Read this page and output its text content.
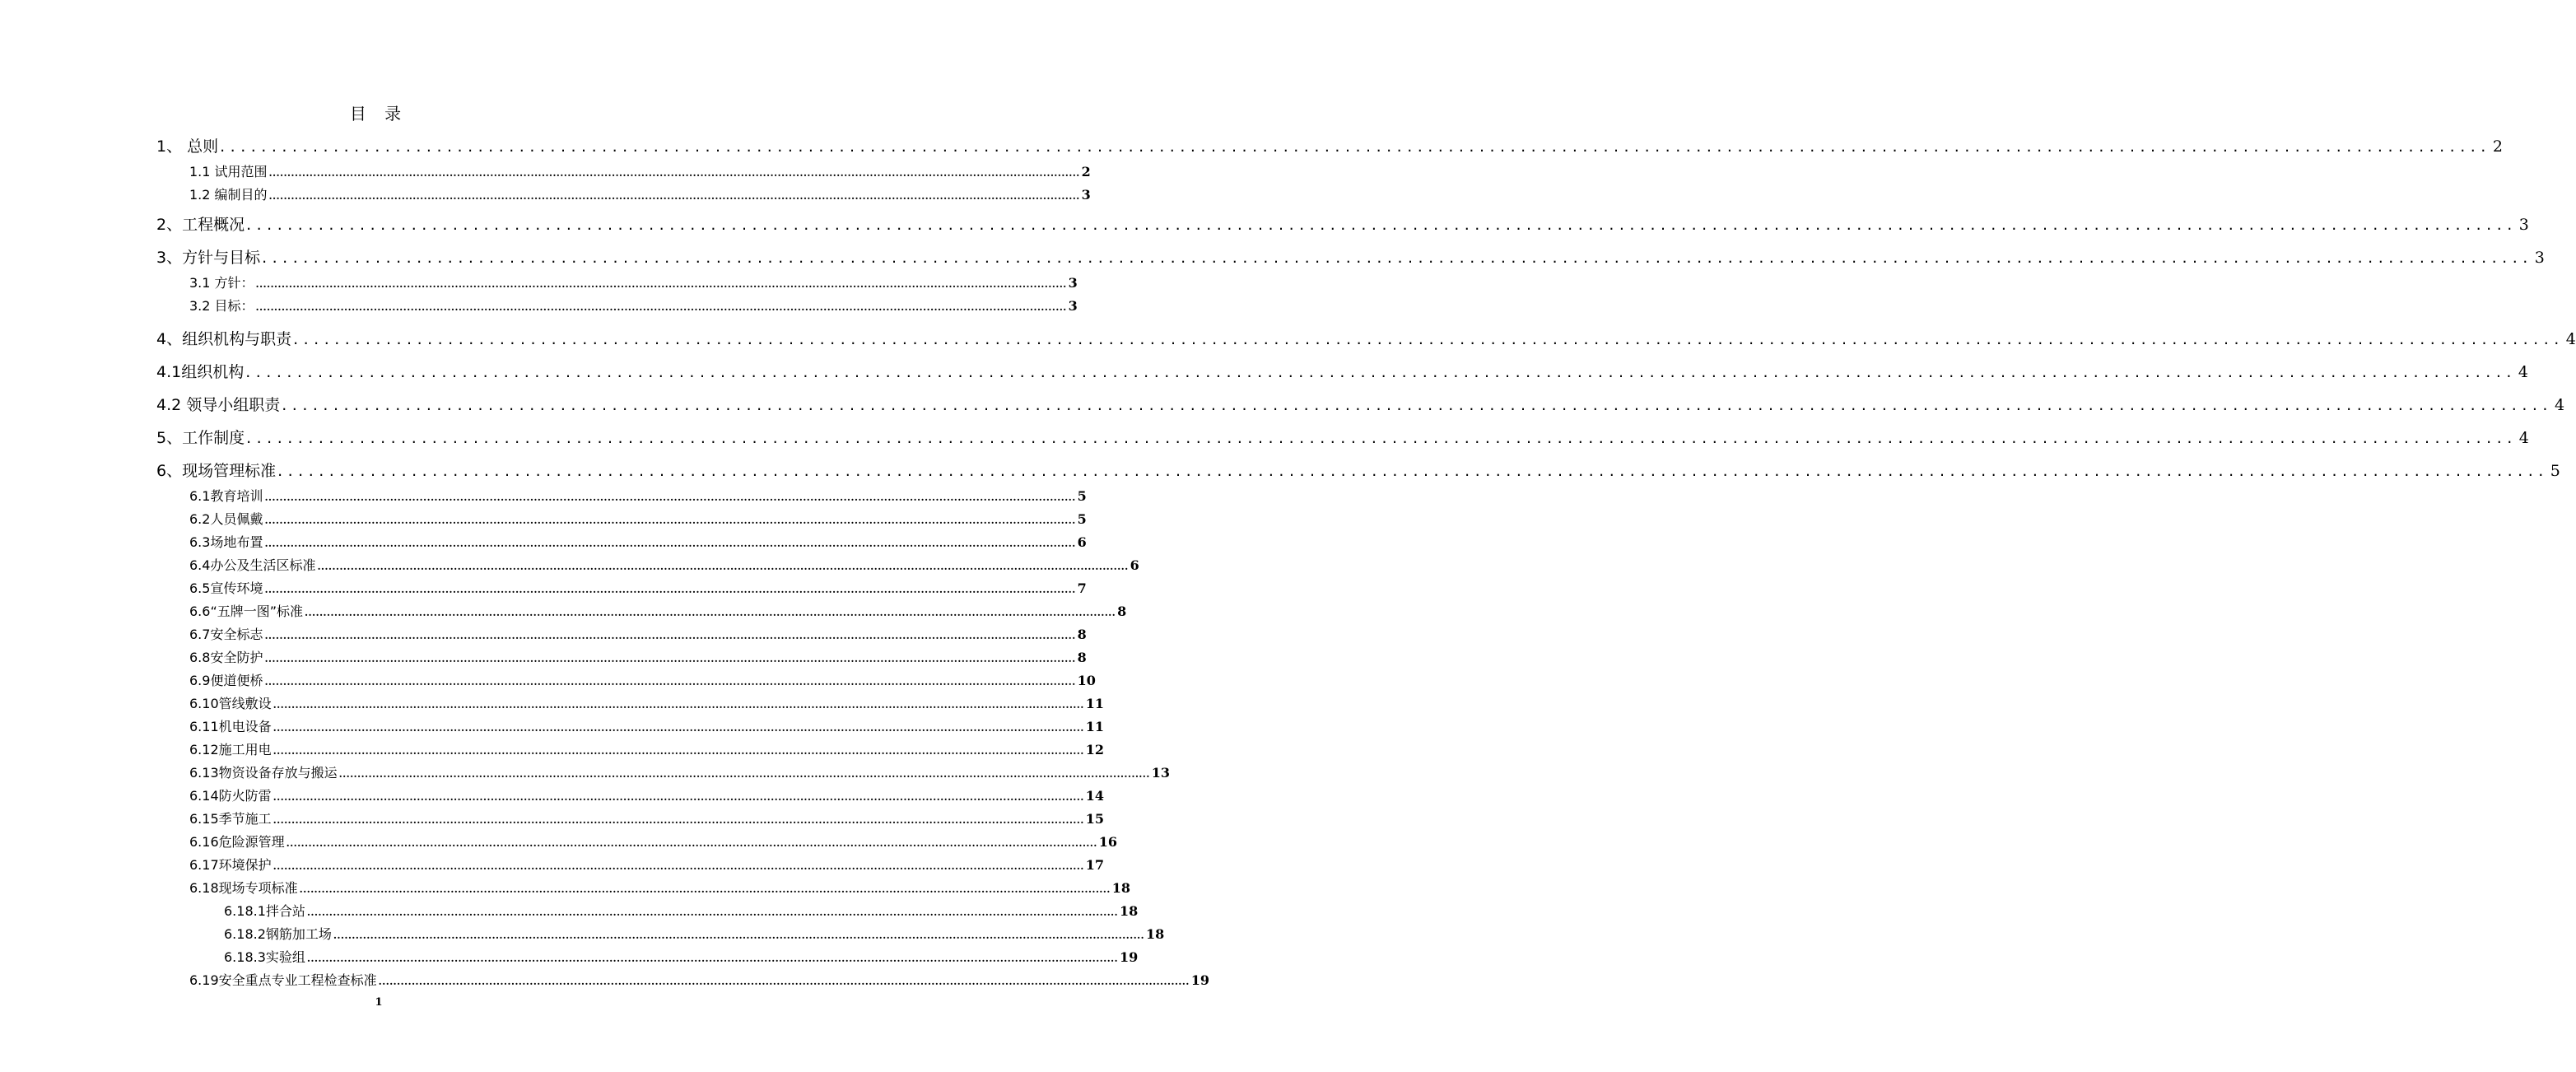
目 录
1、 总则 ............................................................................................................................................................................................................................ 2
1.1 试用范围 ............................................................................................................................................................................................................................ 2
1.2 编制目的 ............................................................................................................................................................................................................................ 3
2、工程概况 ............................................................................................................................................................................................................................ 3
3、方针与目标 ............................................................................................................................................................................................................................ 3
3.1 方针： ............................................................................................................................................................................................................................ 3
3.2 目标： ............................................................................................................................................................................................................................ 3
4、组织机构与职责 ............................................................................................................................................................................................................................ 4
4.1组织机构 ............................................................................................................................................................................................................................ 4
4.2 领导小组职责 ............................................................................................................................................................................................................................ 4
5、工作制度 ............................................................................................................................................................................................................................ 4
6、现场管理标准 ............................................................................................................................................................................................................................ 5
6.1教育培训 ............................................................................................................................................................................................................................ 5
6.2人员佩戴 ............................................................................................................................................................................................................................ 5
6.3场地布置 ............................................................................................................................................................................................................................ 6
6.4办公及生活区标准 ............................................................................................................................................................................................................................ 6
6.5宣传环境 ............................................................................................................................................................................................................................ 7
6.6“五牌一图”标准 ............................................................................................................................................................................................................................ 8
6.7安全标志 ............................................................................................................................................................................................................................ 8
6.8安全防护 ............................................................................................................................................................................................................................ 8
6.9便道便桥 ............................................................................................................................................................................................................................ 10
6.10管线敷设 ............................................................................................................................................................................................................................ 11
6.11机电设备 ............................................................................................................................................................................................................................ 11
6.12施工用电 ............................................................................................................................................................................................................................ 12
6.13物资设备存放与搬运 ............................................................................................................................................................................................................................ 13
6.14防火防雷 ............................................................................................................................................................................................................................ 14
6.15季节施工 ............................................................................................................................................................................................................................ 15
6.16危险源管理 ............................................................................................................................................................................................................................ 16
6.17环境保护 ............................................................................................................................................................................................................................ 17
6.18现场专项标准 ............................................................................................................................................................................................................................ 18
6.18.1拌合站 ............................................................................................................................................................................................................................ 18
6.18.2钢筋加工场 ............................................................................................................................................................................................................................ 18
6.18.3实验组 ............................................................................................................................................................................................................................ 19
6.19安全重点专业工程检查标准 ............................................................................................................................................................................................................................ 19
1
